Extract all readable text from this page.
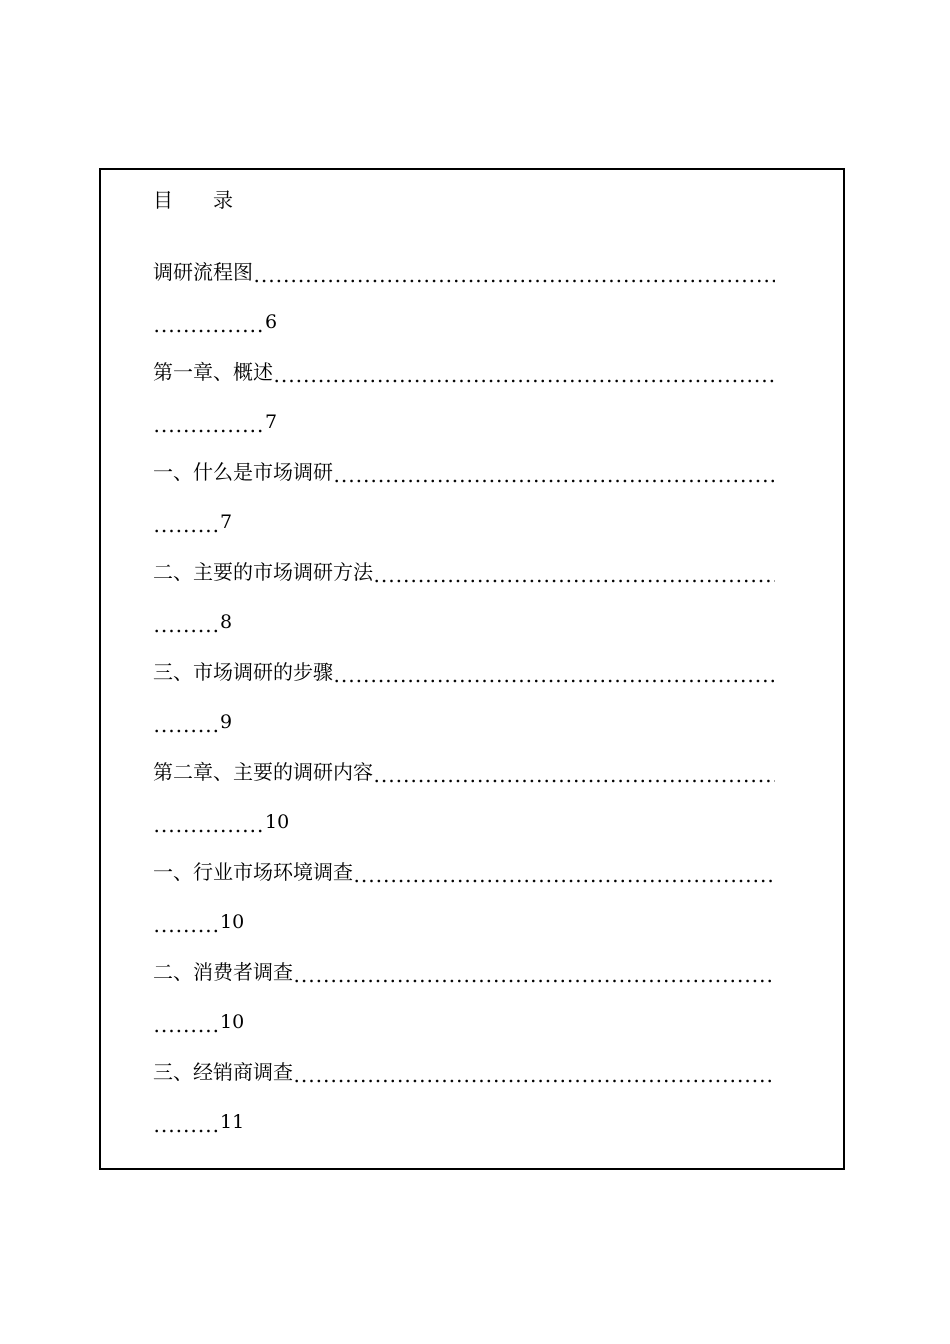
目　　录
调研流程图
6
第一章、概述
7
一、什么是市场调研
7
二、主要的市场调研方法
8
三、市场调研的步骤
9
第二章、主要的调研内容
10
一、行业市场环境调查
10
二、消费者调查
10
三、经销商调查
11
